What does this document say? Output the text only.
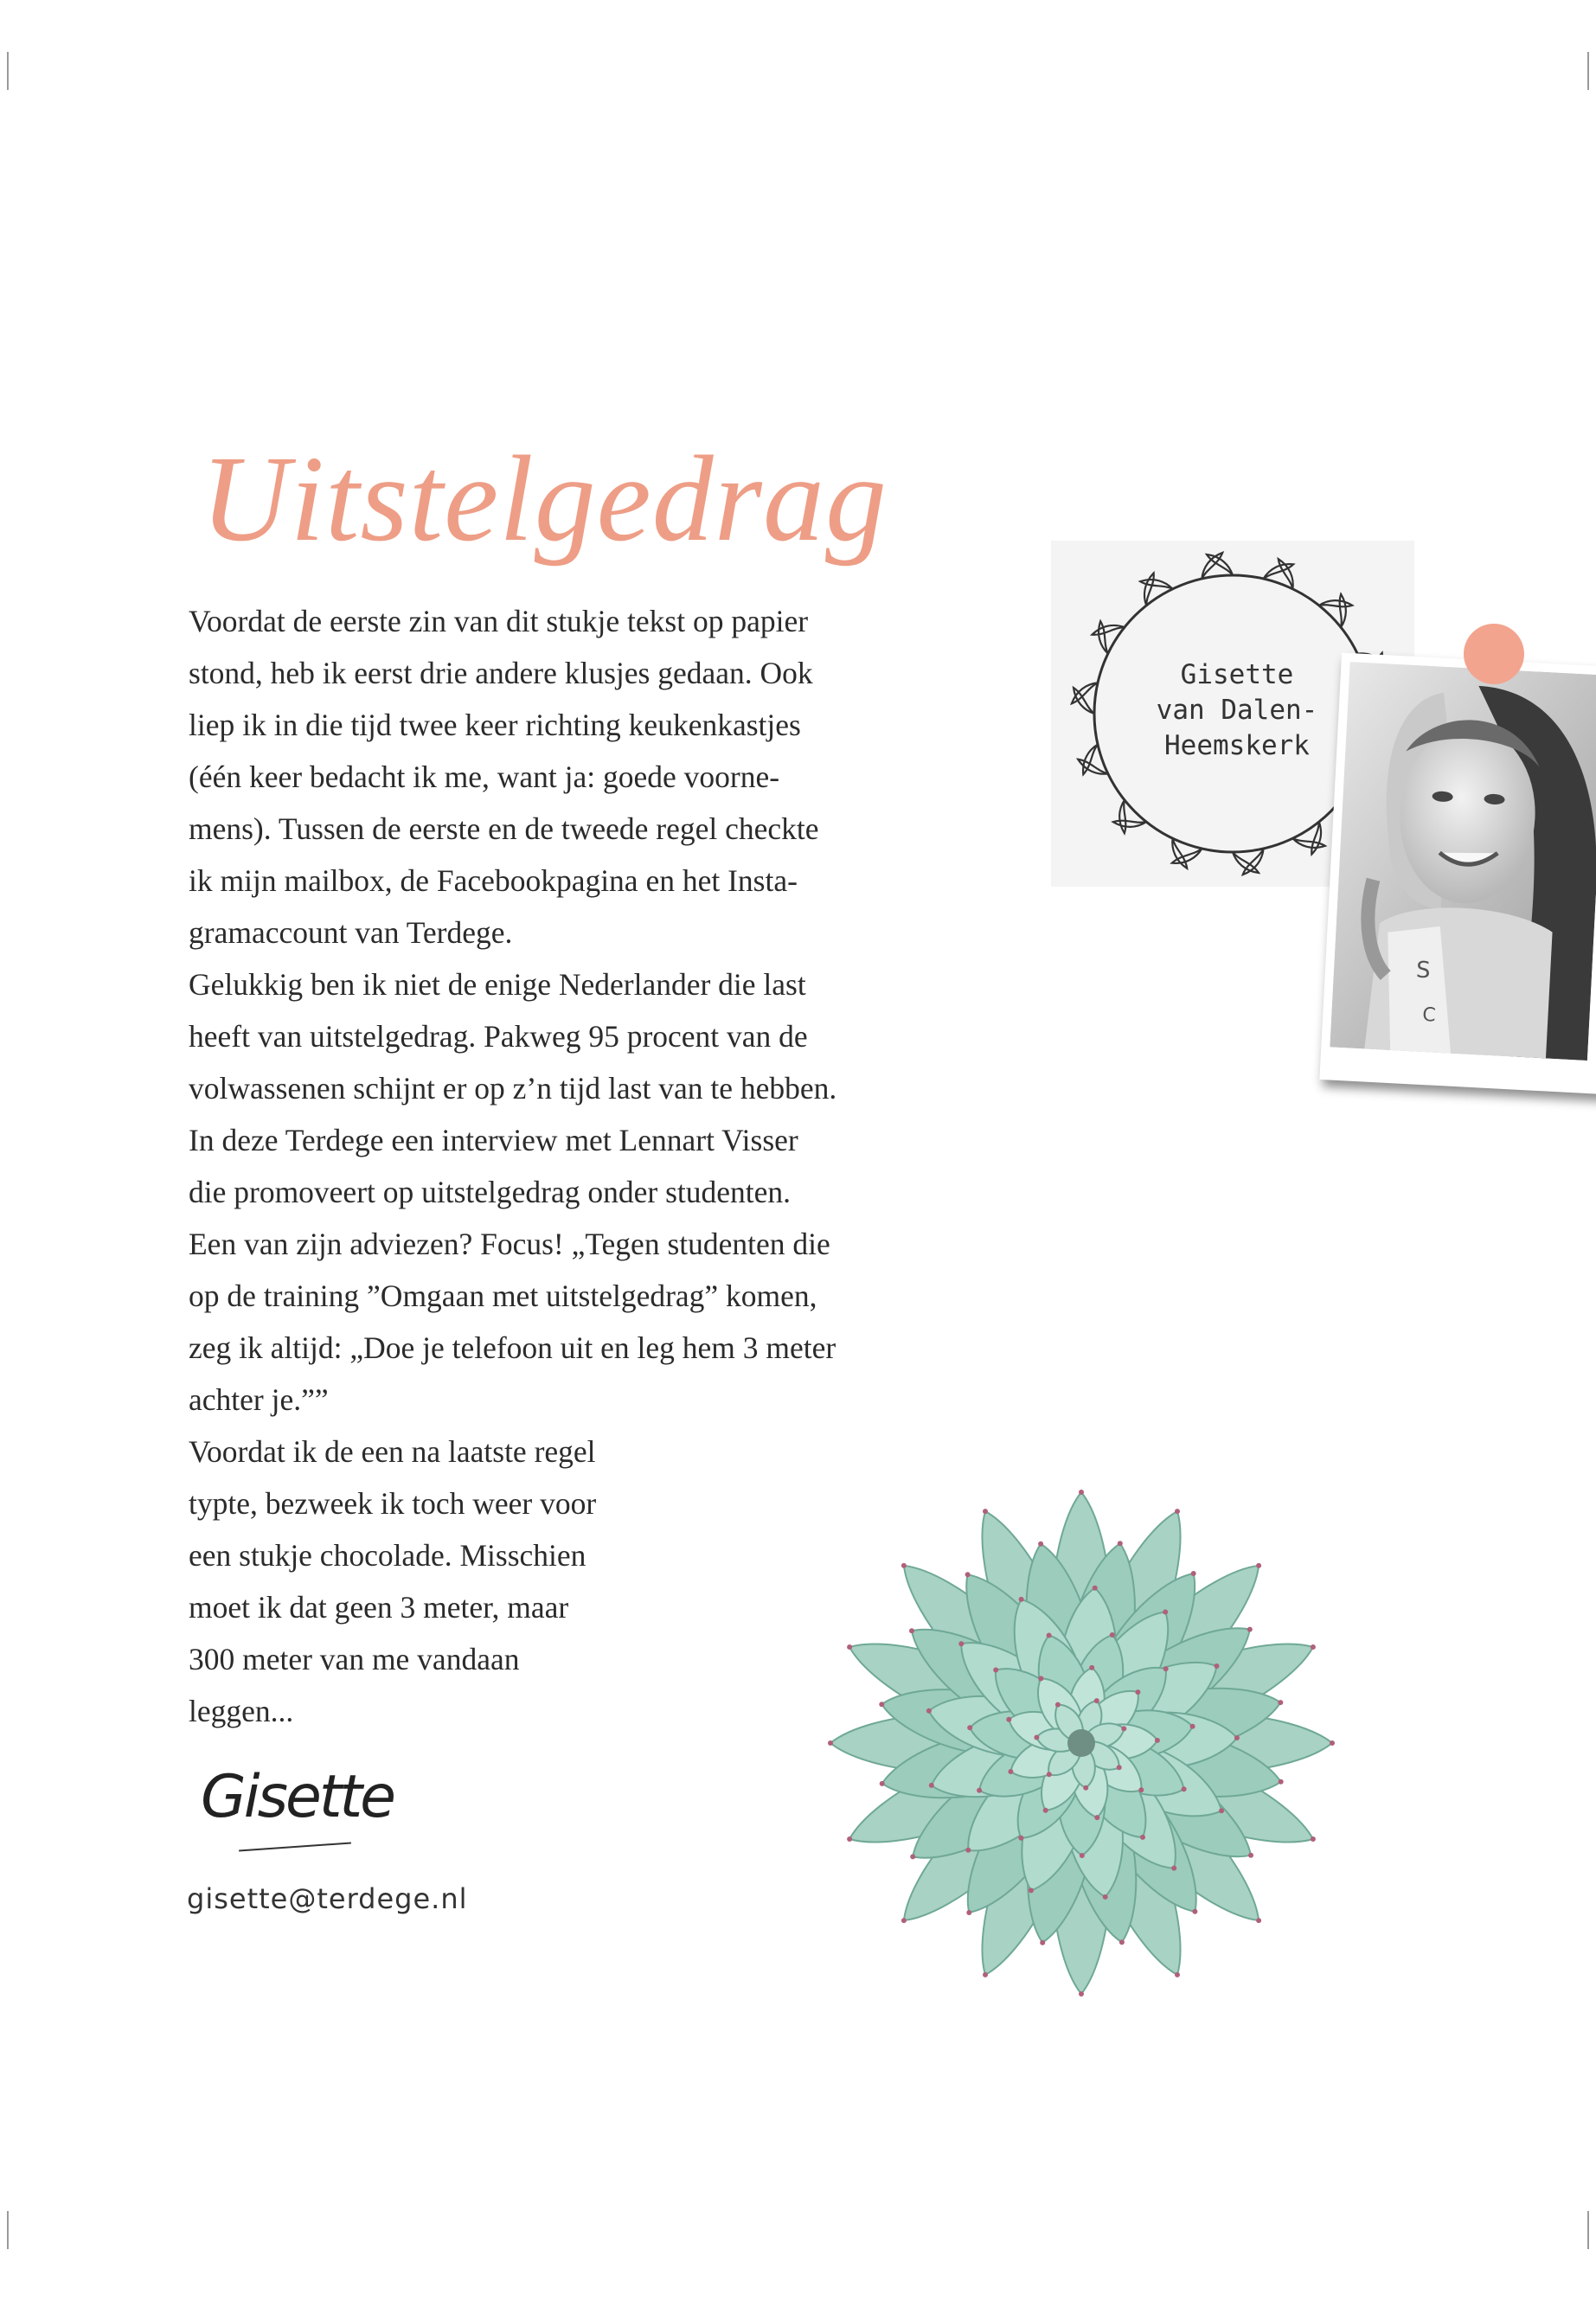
Uitstelgedrag
Voordat de eerste zin van dit stukje tekst op papier
stond, heb ik eerst drie andere klusjes gedaan. Ook
liep ik in die tijd twee keer richting keukenkastjes
(één keer bedacht ik me, want ja: goede voorne-
mens). Tussen de eerste en de tweede regel checkte
ik mijn mailbox, de Facebookpagina en het Insta-
gramaccount van Terdege.
Gelukkig ben ik niet de enige Nederlander die last
heeft van uitstelgedrag. Pakweg 95 procent van de
volwassenen schijnt er op z’n tijd last van te hebben.
In deze Terdege een interview met Lennart Visser
die promoveert op uitstelgedrag onder studenten.
Een van zijn adviezen? Focus! „Tegen studenten die
op de training ”Omgaan met uitstelgedrag” komen,
zeg ik altijd: „Doe je telefoon uit en leg hem 3 meter
achter je.””
Voordat ik de een na laatste regel
typte, bezweek ik toch weer voor
een stukje chocolade. Misschien
moet ik dat geen 3 meter, maar
300 meter van me vandaan
leggen...
Gisette
gisette@terdege.nl
Gisette
van Dalen-
Heemskerk
S
C
